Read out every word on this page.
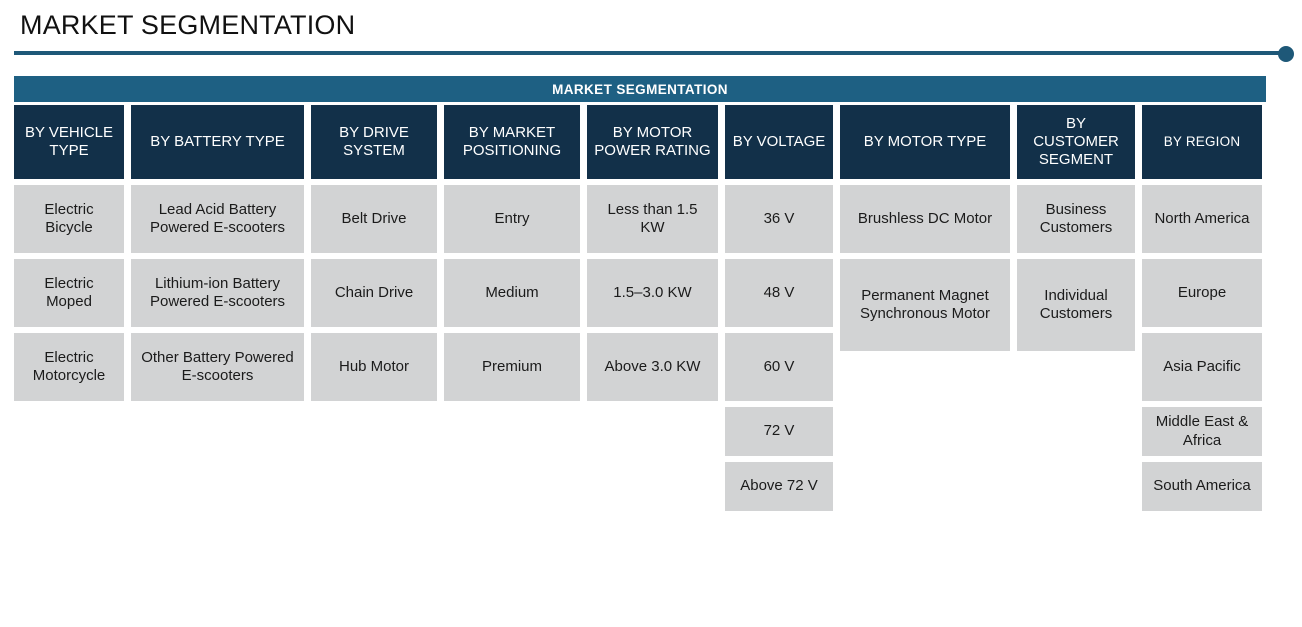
MARKET SEGMENTATION
MARKET SEGMENTATION
BY VEHICLE TYPE
Electric Bicycle
Electric Moped
Electric Motorcycle
BY BATTERY TYPE
Lead Acid Battery Powered E-scooters
Lithium-ion Battery Powered E-scooters
Other Battery Powered E-scooters
BY DRIVE SYSTEM
Belt Drive
Chain Drive
Hub Motor
BY MARKET POSITIONING
Entry
Medium
Premium
BY MOTOR POWER RATING
Less than 1.5 KW
1.5–3.0 KW
Above 3.0 KW
BY VOLTAGE
36 V
48 V
60 V
72 V
Above 72 V
BY MOTOR TYPE
Brushless DC Motor
Permanent Magnet Synchronous Motor
BY CUSTOMER SEGMENT
Business Customers
Individual Customers
BY REGION
North America
Europe
Asia Pacific
Middle East & Africa
South America
